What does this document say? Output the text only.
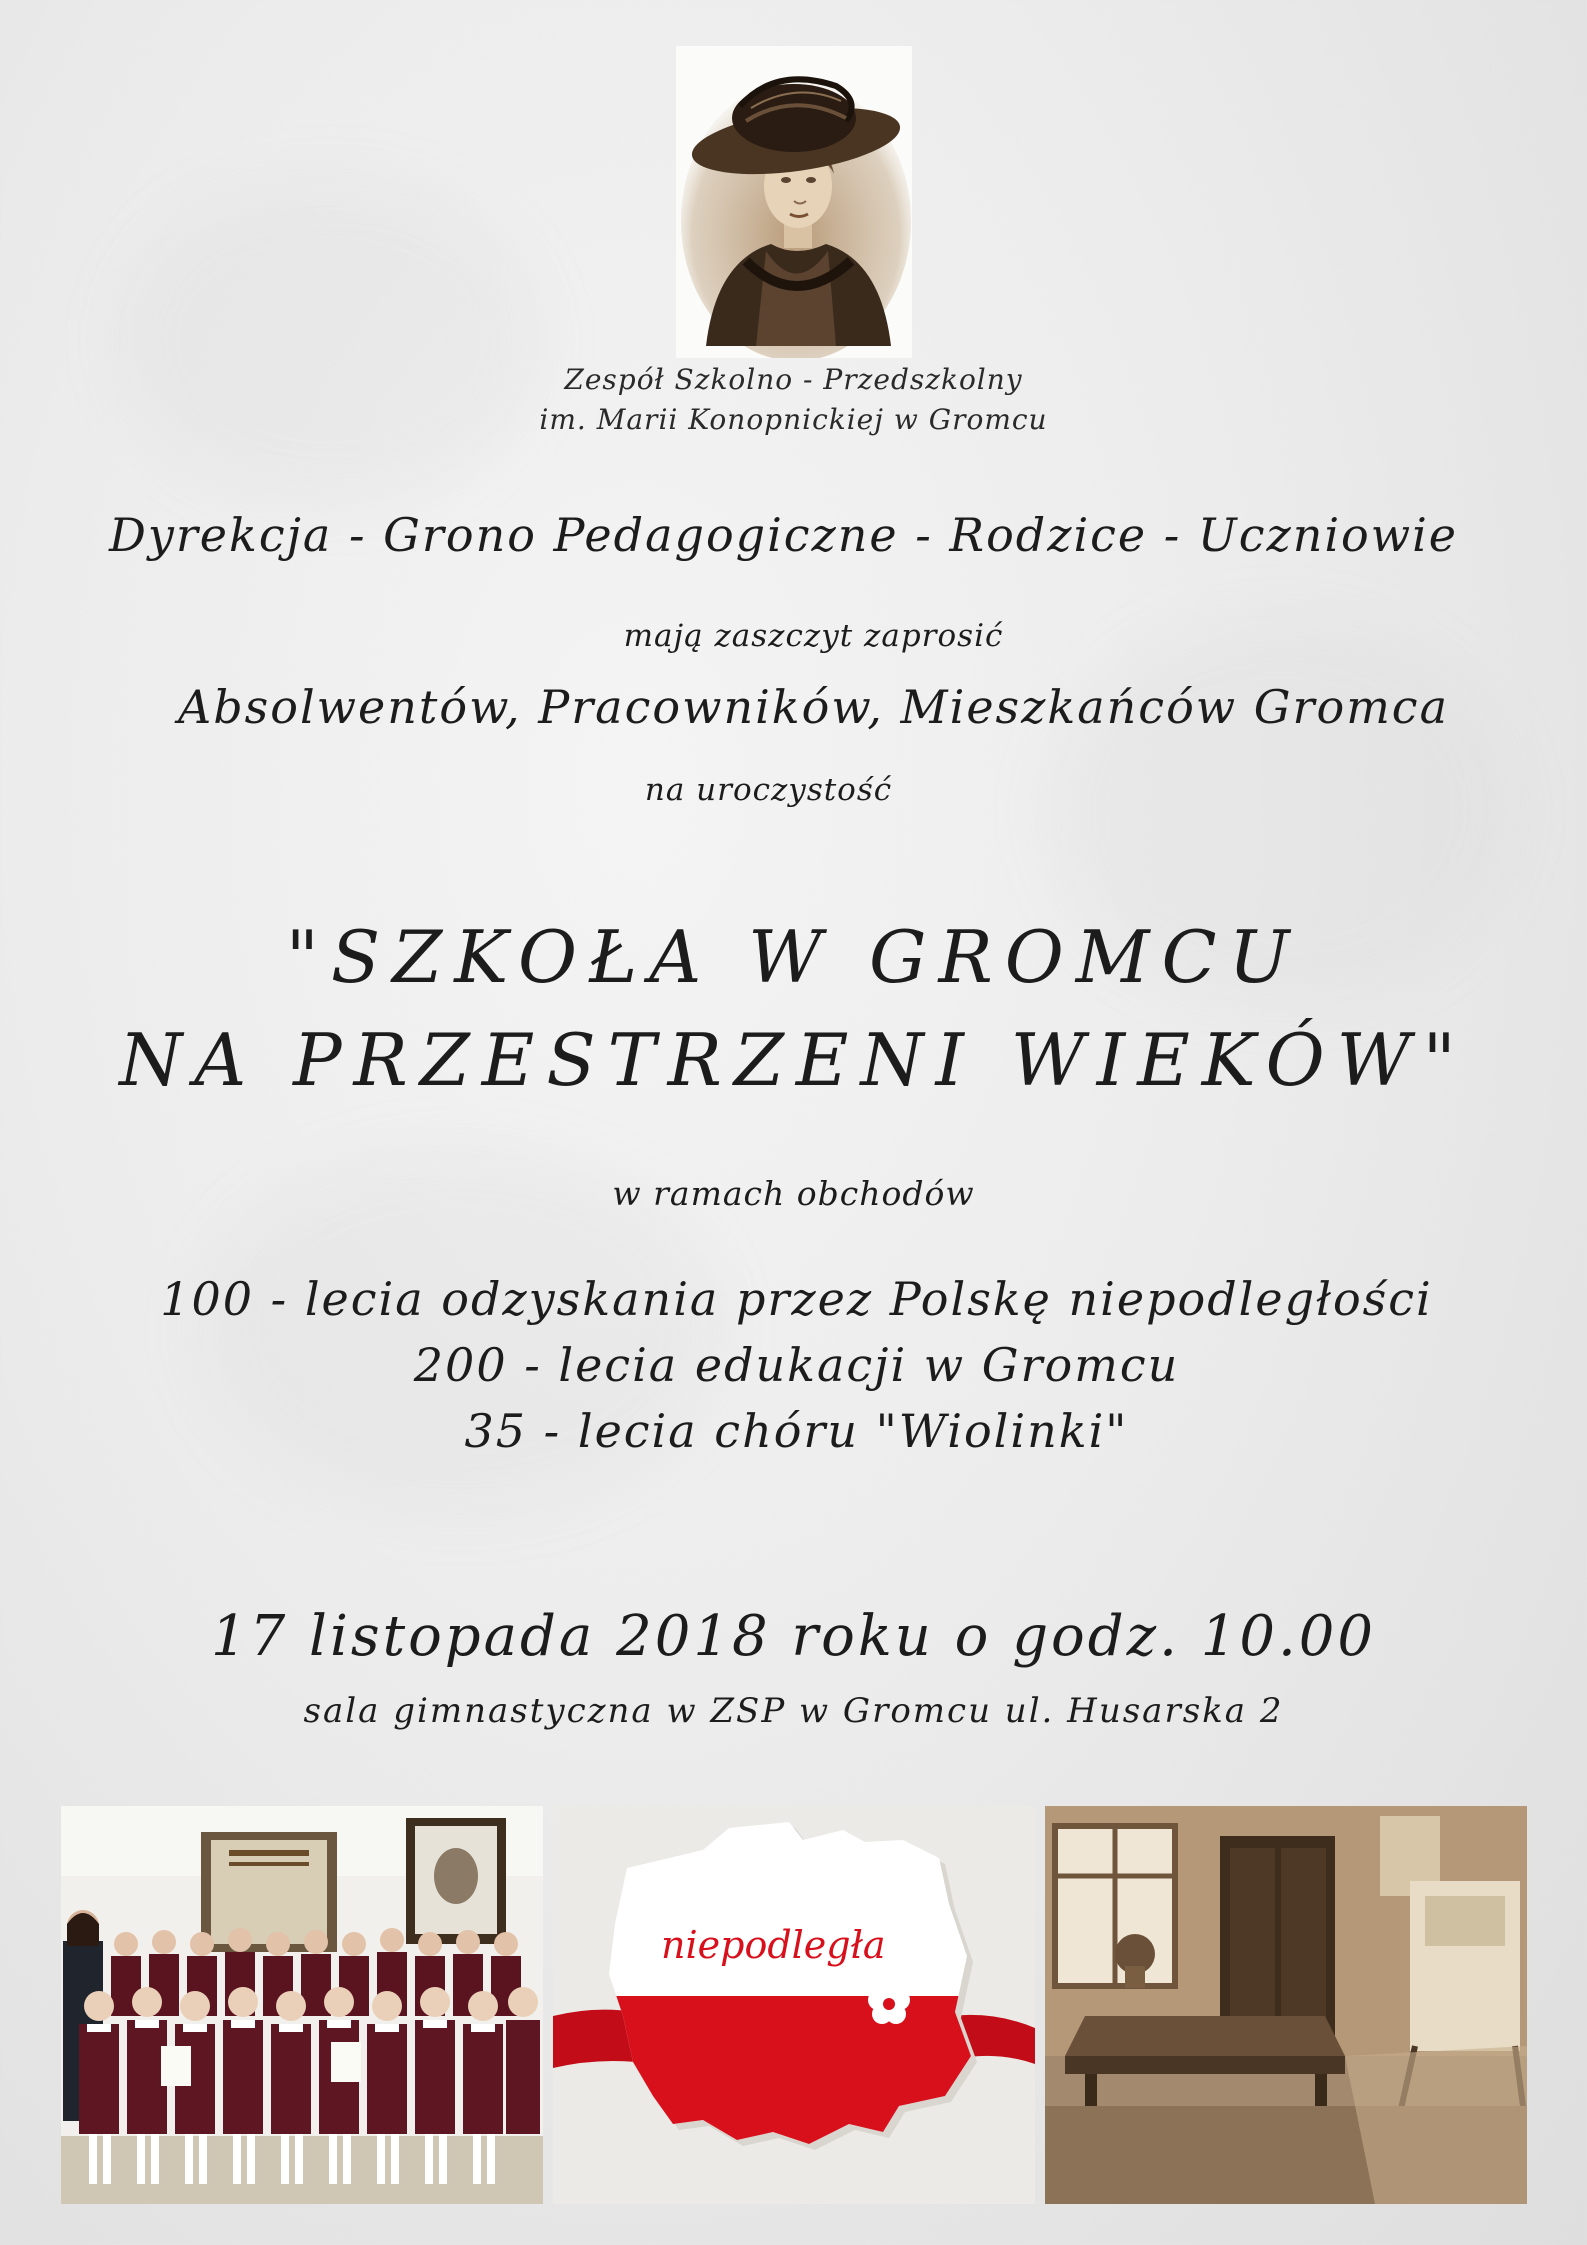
Zespół Szkolno - Przedszkolny
im. Marii Konopnickiej w Gromcu
Dyrekcja - Grono Pedagogiczne - Rodzice - Uczniowie
mają zaszczyt zaprosić
Absolwentów, Pracowników, Mieszkańców Gromca
na uroczystość
"SZKOŁA W GROMCU
NA PRZESTRZENI WIEKÓW"
w ramach obchodów
100 - lecia odzyskania przez Polskę niepodległości
200 - lecia edukacji w Gromcu
35 - lecia chóru "Wiolinki"
17 listopada 2018 roku o godz. 10.00
sala gimnastyczna w ZSP w Gromcu ul. Husarska 2
niepodległa
